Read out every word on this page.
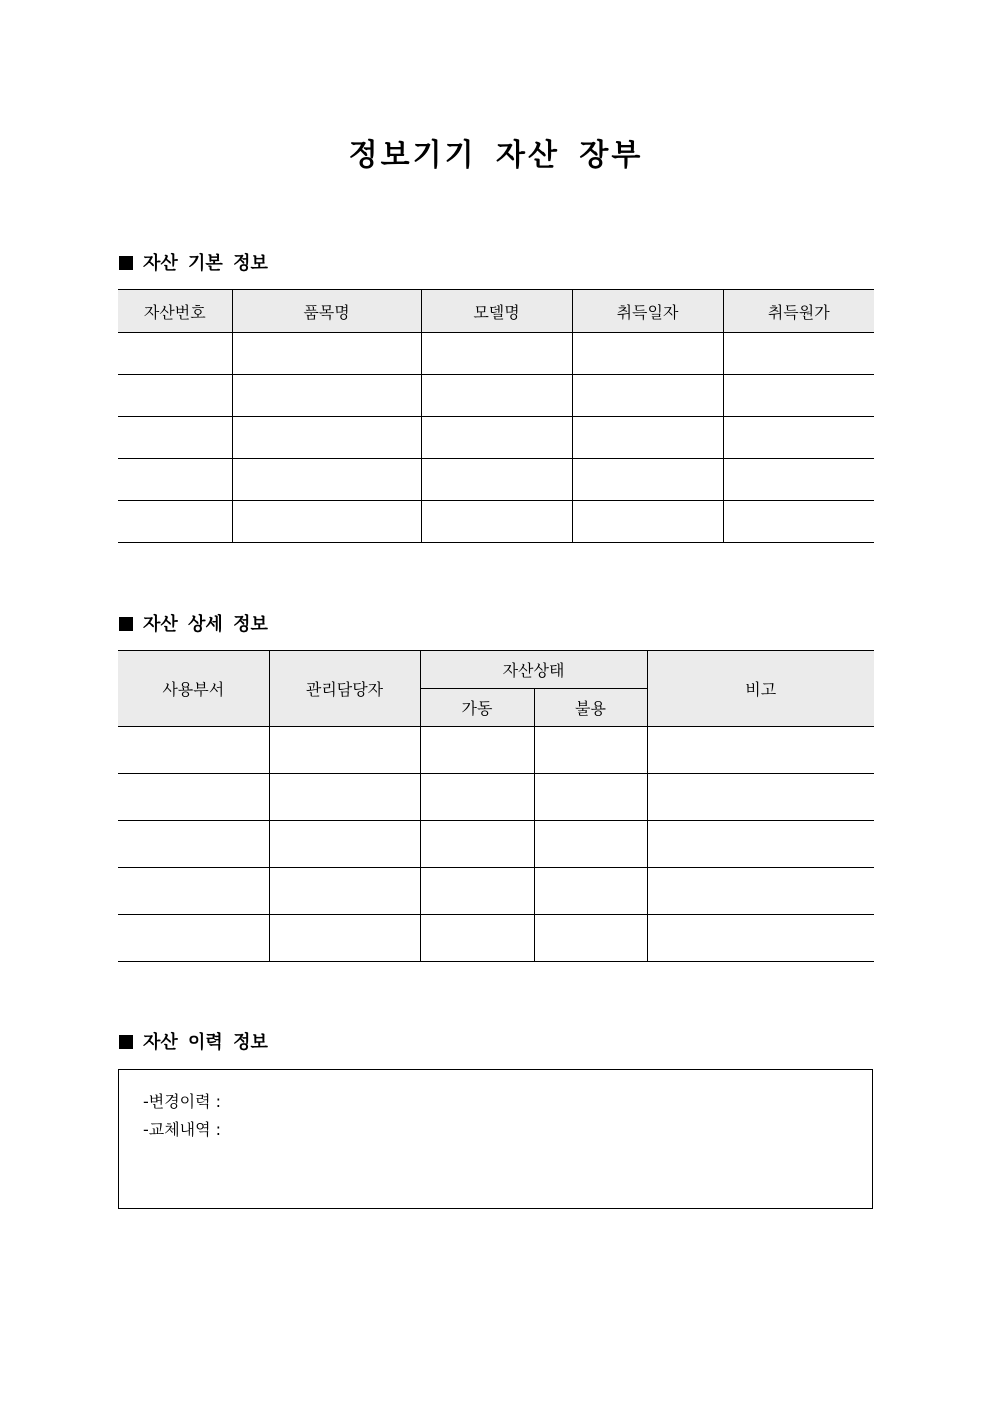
정보기기 자산 장부
자산 기본 정보
자산번호	품목명	모델명	취득일자	취득원가

자산 상세 정보
사용부서	관리담당자	자산상태		비고
		가동	불용	

자산 이력 정보
-변경이력 :
-교체내역 :
